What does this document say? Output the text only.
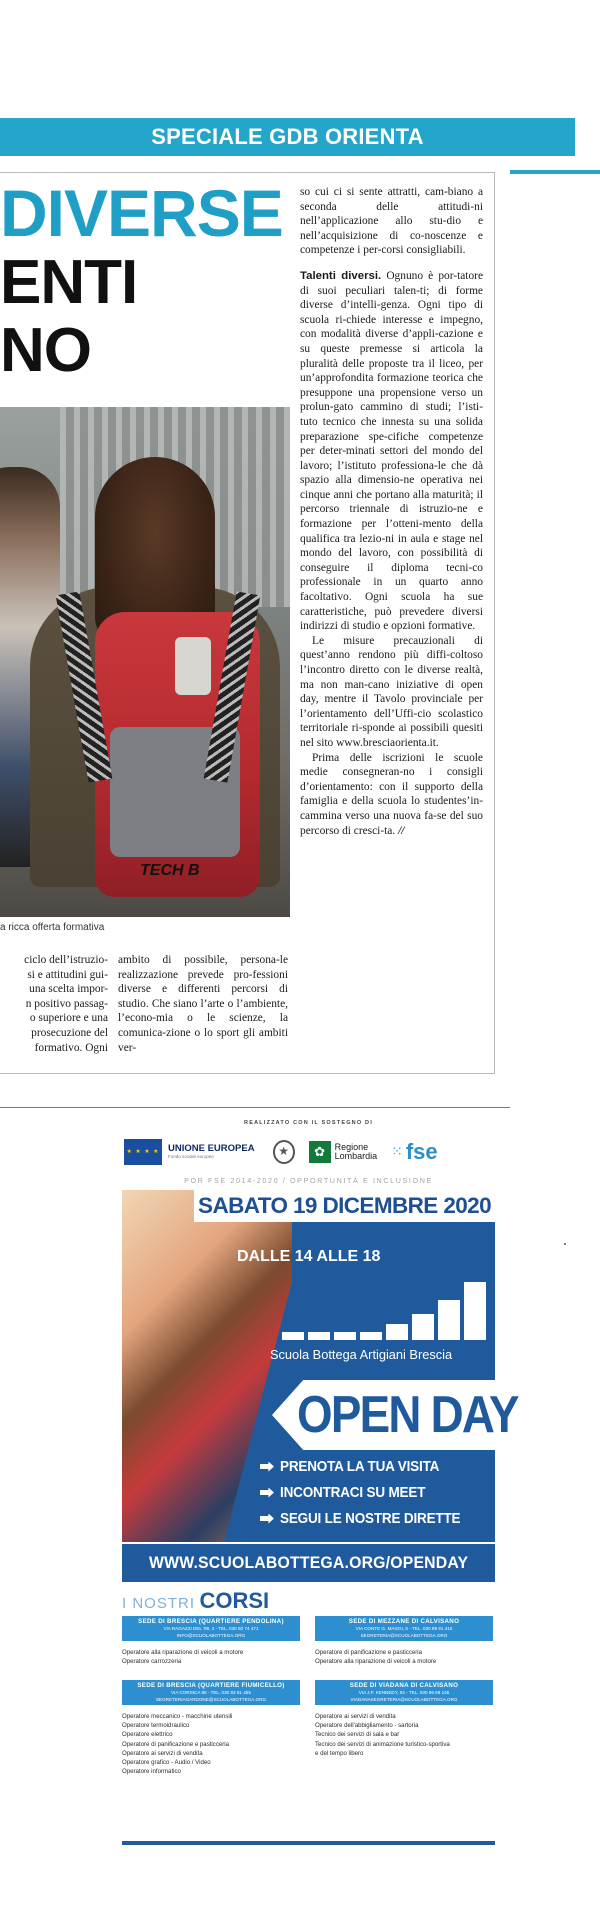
SPECIALE GDB ORIENTA
DIVERSE
ENTI
NO
TECH B
a ricca offerta formativa
ciclo dell’istruzio-
si e attitudini gui-
una scelta impor-
n positivo passag-
o superiore e una
prosecuzione del
formativo. Ogni

ambito di possibile, persona-le realizzazione prevede pro-fessioni diverse e differenti percorsi di studio. Che siano l’arte o l’ambiente, l’econo-mia o le scienze, la comunica-zione o lo sport gli ambiti ver-

so cui ci si sente attratti, cam-biano a seconda delle attitudi-ni nell’applicazione allo stu-dio e nell’acquisizione di co-noscenze e competenze i per-corsi consigliabili.

Talenti diversi. Ognuno è por-tatore di suoi peculiari talen-ti; di forme diverse d’intelli-genza. Ogni tipo di scuola ri-chiede interesse e impegno, con modalità diverse d’appli-cazione e su queste premesse si articola la pluralità delle proposte tra il liceo, per un’approfondita formazione teorica che presuppone una propensione verso un prolun-gato cammino di studi; l’isti-tuto tecnico che innesta su una solida preparazione spe-cifiche competenze per deter-minati settori del mondo del lavoro; l’istituto professiona-le che dà spazio alla dimensio-ne operativa nei cinque anni che portano alla maturità; il percorso triennale di istruzio-ne e formazione per l’otteni-mento della qualifica tra lezio-ni in aula e stage nel mondo del lavoro, con possibilità di conseguire il diploma tecni-co professionale in un quarto anno facoltativo. Ogni scuola ha sue caratteristiche, può prevedere diversi indirizzi di studio e opzioni formative.

Le misure precauzionali di quest’anno rendono più diffi-coltoso l’incontro diretto con le diverse realtà, ma non man-cano iniziative di open day, mentre il Tavolo provinciale per l’orientamento dell’Uffi-cio scolastico territoriale ri-sponde ai possibili quesiti nel sito www.bresciaorienta.it.

Prima delle iscrizioni le scuole medie consegneran-no i consigli d’orientamento: con il supporto della famiglia e della scuola lo studentes’in-cammina verso una nuova fa-se del suo percorso di cresci-ta. //

REALIZZATO CON IL SOSTEGNO DI
★ ★ ★ ★ UNIONE EUROPEA
Fondo sociale europeo	★	✿	Regione
Lombardia ⁙ fse
POR FSE 2014-2020 / OPPORTUNITÀ E INCLUSIONE
SABATO 19 DICEMBRE 2020
DALLE 14 ALLE 18
Scuola Bottega Artigiani Brescia
OPEN DAY
PRENOTA LA TUA VISITA
INCONTRACI SU MEET
SEGUI LE NOSTRE DIRETTE
WWW.SCUOLABOTTEGA.ORG/OPENDAY
I NOSTRI CORSI
SEDE DI BRESCIA (QUARTIERE PENDOLINA)
VIA RAGAZZI DEL '99, 3 - TEL. 030 82 74 471
INFO@SCUOLABOTTEGA.ORG
Operatore alla riparazione di veicoli a motore
Operatore carrozzeria
SEDE DI MEZZANE DI CALVISANO
VIA CONTE G. MAGGI, 6 - TEL. 030 99 91 415
SEGRETERIA@SCUOLABOTTEGA.ORG
Operatore di panificazione e pasticceria
Operatore alla riparazione di veicoli a motore
SEDE DI BRESCIA (QUARTIERE FIUMICELLO)
VIA CORSICA 80 - TEL. 030 83 91 455
SEGRETERIAGARDONE@SCUOLABOTTEGA.ORG
Operatore meccanico - macchine utensili
Operatore termoidraulico
Operatore elettrico
Operatore di panificazione e pasticceria
Operatore ai servizi di vendita
Operatore grafico - Audio / Video
Operatore informatico
SEDE DI VIADANA DI CALVISANO
VIA J.F. KENNEDY, 92 - TEL. 030 96 68 145
VIADANASEGRETERIA@SCUOLABOTTEGA.ORG
Operatore ai servizi di vendita
Operatore dell'abbigliamento - sartoria
Tecnico dei servizi di sala e bar
Tecnico dei servizi di animazione turistico-sportiva
e del tempo libero
